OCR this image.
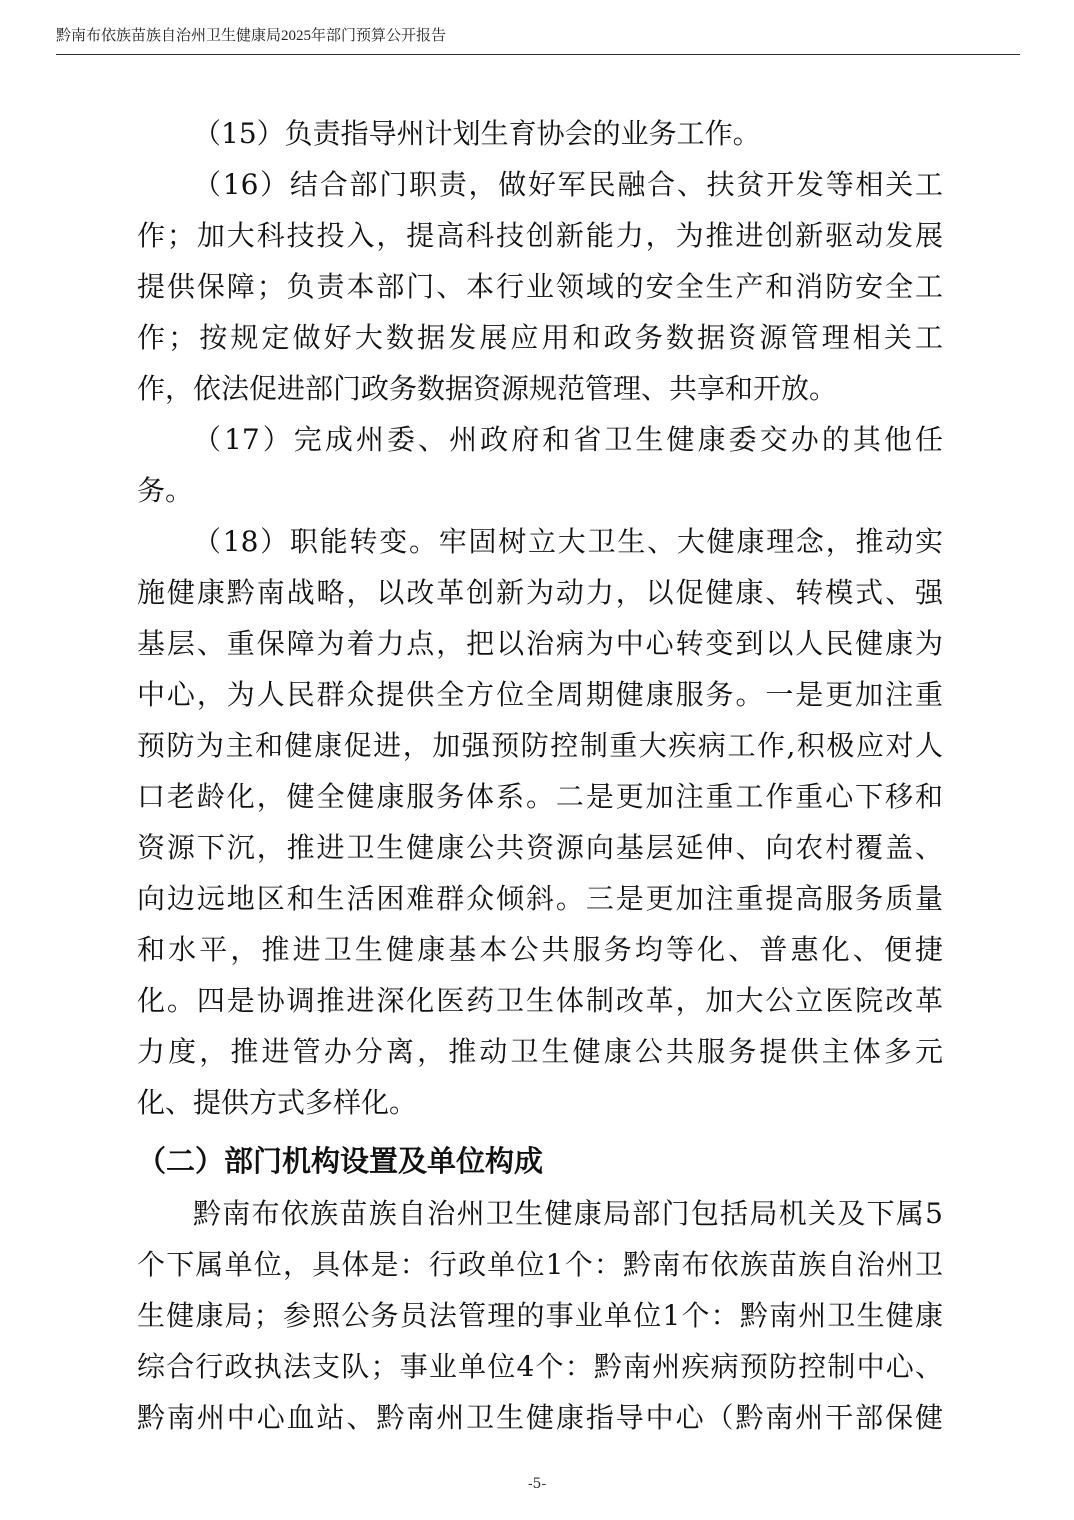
黔南布依族苗族自治州卫生健康局2025年部门预算公开报告
（15）负责指导州计划生育协会的业务工作。
（16）结合部门职责，做好军民融合、扶贫开发等相关工
作；加大科技投入，提高科技创新能力，为推进创新驱动发展
提供保障；负责本部门、本行业领域的安全生产和消防安全工
作；按规定做好大数据发展应用和政务数据资源管理相关工
作，依法促进部门政务数据资源规范管理、共享和开放。
（17）完成州委、州政府和省卫生健康委交办的其他任
务。
（18）职能转变。牢固树立大卫生、大健康理念，推动实
施健康黔南战略，以改革创新为动力，以促健康、转模式、强
基层、重保障为着力点，把以治病为中心转变到以人民健康为
中心，为人民群众提供全方位全周期健康服务。一是更加注重
预防为主和健康促进，加强预防控制重大疾病工作,积极应对人
口老龄化，健全健康服务体系。二是更加注重工作重心下移和
资源下沉，推进卫生健康公共资源向基层延伸、向农村覆盖、
向边远地区和生活困难群众倾斜。三是更加注重提高服务质量
和水平，推进卫生健康基本公共服务均等化、普惠化、便捷
化。四是协调推进深化医药卫生体制改革，加大公立医院改革
力度，推进管办分离，推动卫生健康公共服务提供主体多元
化、提供方式多样化。
（二）部门机构设置及单位构成
黔南布依族苗族自治州卫生健康局部门包括局机关及下属5
个下属单位，具体是：行政单位1个：黔南布依族苗族自治州卫
生健康局；参照公务员法管理的事业单位1个：黔南州卫生健康
综合行政执法支队；事业单位4个：黔南州疾病预防控制中心、
黔南州中心血站、黔南州卫生健康指导中心（黔南州干部保健
-5-
